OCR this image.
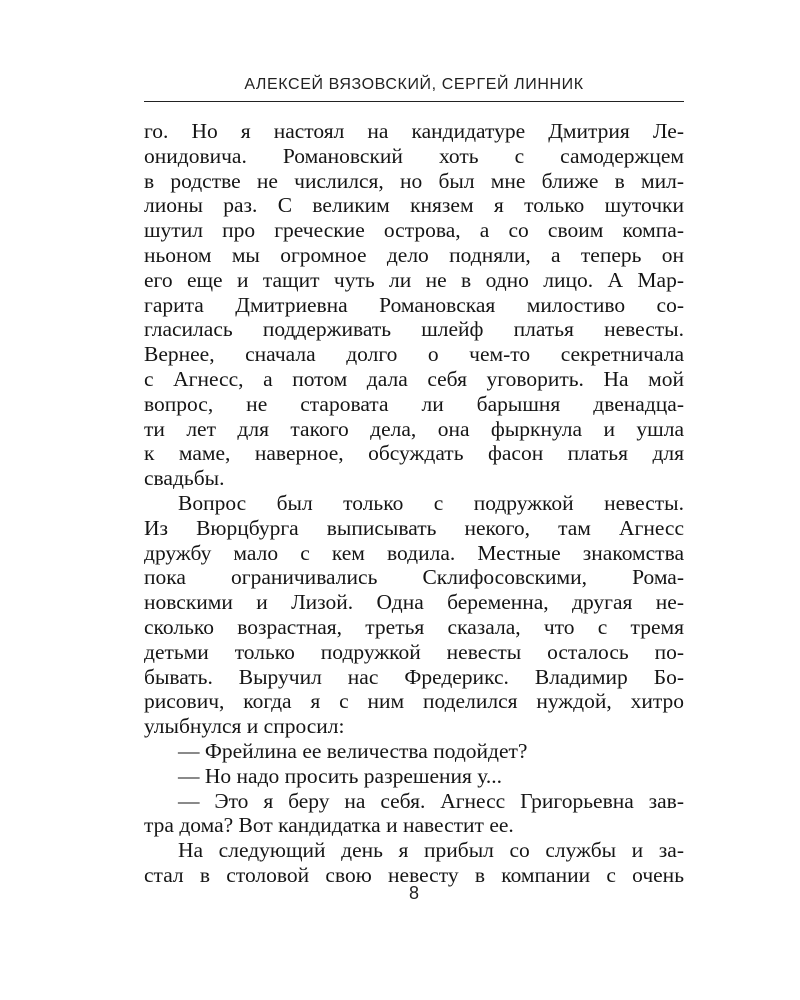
АЛЕКСЕЙ ВЯЗОВСКИЙ, СЕРГЕЙ ЛИННИК
го. Но я настоял на кандидатуре Дмитрия Ле-
онидовича. Романовский хоть с самодержцем
в родстве не числился, но был мне ближе в мил-
лионы раз. С великим князем я только шуточки
шутил про греческие острова, а со своим компа-
ньоном мы огромное дело подняли, а теперь он
его еще и тащит чуть ли не в одно лицо. А Мар-
гарита Дмитриевна Романовская милостиво со-
гласилась поддерживать шлейф платья невесты.
Вернее, сначала долго о чем-то секретничала
с Агнесс, а потом дала себя уговорить. На мой
вопрос, не старовата ли барышня двенадца-
ти лет для такого дела, она фыркнула и ушла
к маме, наверное, обсуждать фасон платья для
свадьбы.
Вопрос был только с подружкой невесты.
Из Вюрцбурга выписывать некого, там Агнесс
дружбу мало с кем водила. Местные знакомства
пока ограничивались Склифосовскими, Рома-
новскими и Лизой. Одна беременна, другая не-
сколько возрастная, третья сказала, что с тремя
детьми только подружкой невесты осталось по-
бывать. Выручил нас Фредерикс. Владимир Бо-
рисович, когда я с ним поделился нуждой, хитро
улыбнулся и спросил:
— Фрейлина ее величества подойдет?
— Но надо просить разрешения у...
— Это я беру на себя. Агнесс Григорьевна зав-
тра дома? Вот кандидатка и навестит ее.
На следующий день я прибыл со службы и за-
стал в столовой свою невесту в компании с очень
8
